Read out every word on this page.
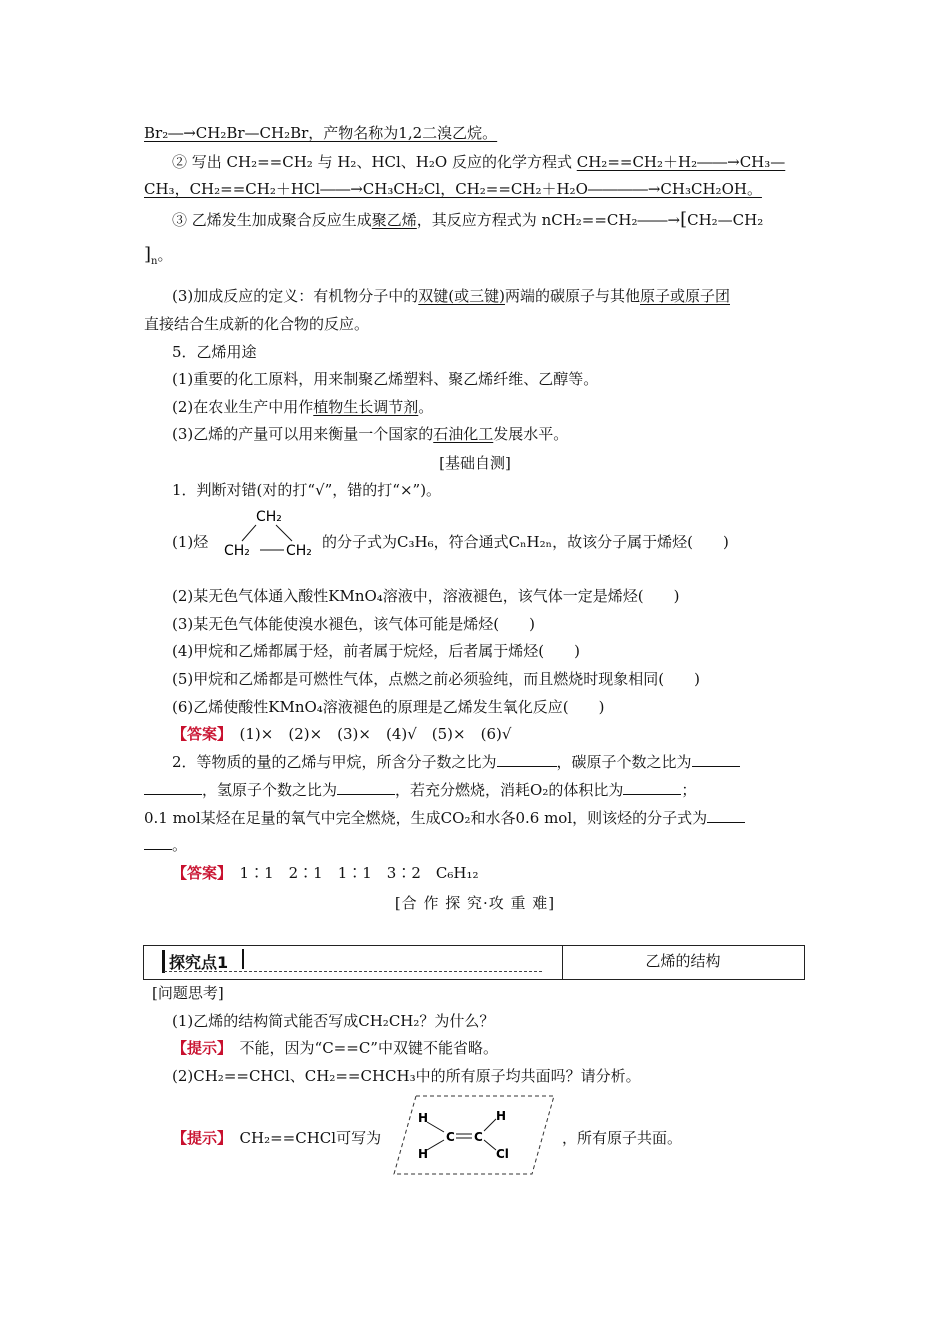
Br₂―→CH₂Br—CH₂Br，产物名称为1,2二溴乙烷。
② 写出 CH₂==CH₂ 与 H₂、HCl、H₂O 反应的化学方程式 CH₂==CH₂＋H₂――→CH₃—
CH₃，CH₂==CH₂＋HCl――→CH₃CH₂Cl，CH₂==CH₂＋H₂O――――→CH₃CH₂OH。
③ 乙烯发生加成聚合反应生成聚乙烯，其反应方程式为 nCH₂==CH₂――→[CH₂—CH₂
]$_n$。
(3)加成反应的定义：有机物分子中的双键(或三键)两端的碳原子与其他原子或原子团
直接结合生成新的化合物的反应。
5．乙烯用途
(1)重要的化工原料，用来制聚乙烯塑料、聚乙烯纤维、乙醇等。
(2)在农业生产中用作植物生长调节剂。
(3)乙烯的产量可以用来衡量一个国家的石油化工发展水平。
[基础自测]
1．判断对错(对的打“√”，错的打“×”)。
(1)烃
CH₂
CH₂	CH₂ 的分子式为C₃H₆，符合通式CₙH₂ₙ，故该分子属于烯烃(　　)
(2)某无色气体通入酸性KMnO₄溶液中，溶液褪色，该气体一定是烯烃(　　)
(3)某无色气体能使溴水褪色，该气体可能是烯烃(　　)
(4)甲烷和乙烯都属于烃，前者属于烷烃，后者属于烯烃(　　)
(5)甲烷和乙烯都是可燃性气体，点燃之前必须验纯，而且燃烧时现象相同(　　)
(6)乙烯使酸性KMnO₄溶液褪色的原理是乙烯发生氧化反应(　　)
【答案】　 (1)×　(2)×　(3)×　(4)√　(5)×　(6)√
2．等物质的量的乙烯与甲烷，所含分子数之比为	，碳原子个数之比为
，氢原子个数之比为	，若充分燃烧，消耗O₂的体积比为	；
0.1 mol某烃在足量的氧气中完全燃烧，生成CO₂和水各0.6 mol，则该烃的分子式为
。
【答案】　 1∶1　2∶1　1∶1　3∶2　C₆H₁₂
[合 作 探 究·攻 重 难]
探究点1	乙烯的结构
[问题思考]
(1)乙烯的结构简式能否写成CH₂CH₂？为什么？
【提示】　 不能，因为“C==C”中双键不能省略。
(2)CH₂==CHCl、CH₂==CHCH₃中的所有原子均共面吗？请分析。
【提示】　 CH₂==CHCl可写为
H
H
H
C C
Cl
，所有原子共面。
